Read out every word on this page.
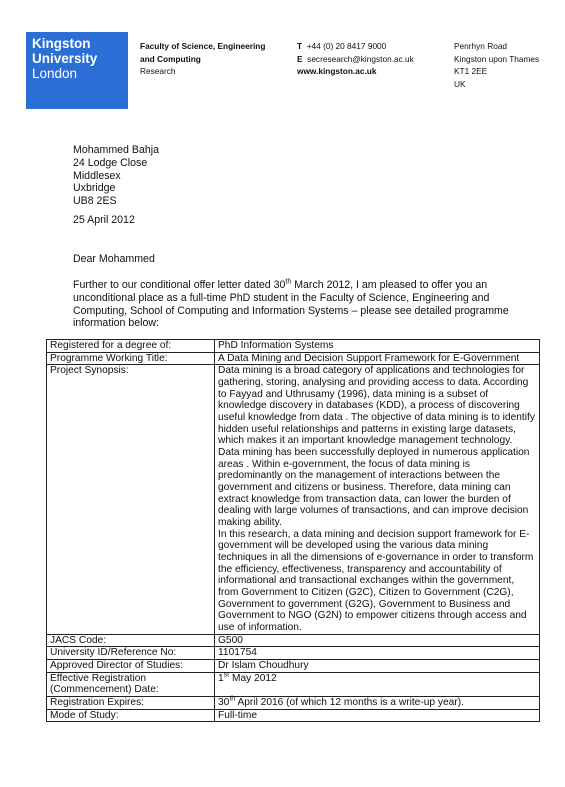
Kingston
University
London
Faculty of Science, Engineering
and Computing
Research
T +44 (0) 20 8417 9000
E secresearch@kingston.ac.uk
www.kingston.ac.uk
Penrhyn Road
Kingston upon Thames
KT1 2EE
UK
Mohammed Bahja
24 Lodge Close
Middlesex
Uxbridge
UB8 2ES
25 April 2012
Dear Mohammed
Further to our conditional offer letter dated 30th March 2012, I am pleased to offer you an unconditional place as a full-time PhD student in the Faculty of Science, Engineering and Computing, School of Computing and Information Systems – please see detailed programme information below:
Registered for a degree of:	PhD Information Systems
Programme Working Title:	A Data Mining and Decision Support Framework for E-Government
Project Synopsis:	Data mining is a broad category of applications and technologies for gathering, storing, analysing and providing access to data. According to Fayyad and Uthrusamy (1996), data mining is a subset of knowledge discovery in databases (KDD), a process of discovering useful knowledge from data . The objective of data mining is to identify hidden useful relationships and patterns in existing large datasets, which makes it an important knowledge management technology. Data mining has been successfully deployed in numerous application areas . Within e-government, the focus of data mining is predominantly on the management of interactions between the government and citizens or business. Therefore, data mining can extract knowledge from transaction data, can lower the burden of dealing with large volumes of transactions, and can improve decision making ability.
In this research, a data mining and decision support framework for E-government will be developed using the various data mining techniques in all the dimensions of e-governance in order to transform the efficiency, effectiveness, transparency and accountability of informational and transactional exchanges within the government, from Government to Citizen (G2C), Citizen to Government (C2G), Government to government (G2G), Government to Business and Government to NGO (G2N) to empower citizens through access and use of information.

JACS Code:	G500
University ID/Reference No:	1101754
Approved Director of Studies:	Dr Islam Choudhury
Effective Registration (Commencement) Date:	1st May 2012
Registration Expires:	30th April 2016 (of which 12 months is a write-up year).
Mode of Study:	Full-time
